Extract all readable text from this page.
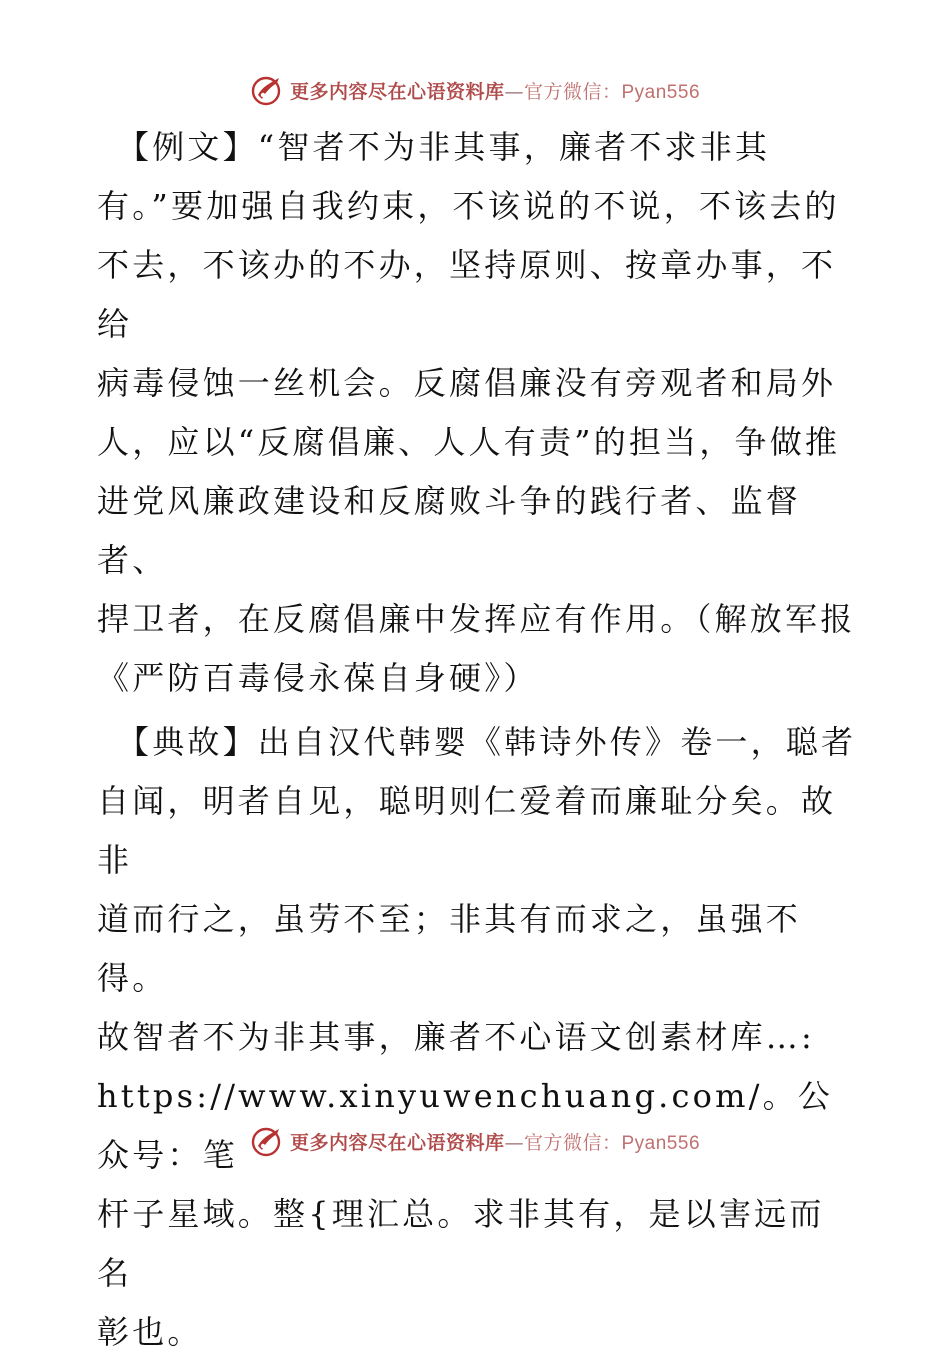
更多内容尽在心语资料库—官方微信：Pyan556

【例文】“智者不为非其事，廉者不求非其
有。”要加强自我约束，不该说的不说，不该去的
不去，不该办的不办，坚持原则、按章办事，不给
病毒侵蚀一丝机会。反腐倡廉没有旁观者和局外
人，应以“反腐倡廉、人人有责”的担当，争做推
进党风廉政建设和反腐败斗争的践行者、监督者、
捍卫者，在反腐倡廉中发挥应有作用。（解放军报
《严防百毒侵永葆自身硬》）

【典故】出自汉代韩婴《韩诗外传》卷一，聪者
自闻，明者自见，聪明则仁爱着而廉耻分矣。故非
道而行之，虽劳不至；非其有而求之，虽强不得。
故智者不为非其事，廉者不心语文创素材库…:
https://www.xinyuwenchuang.com/。公众号：笔
杆子星域。整{理汇总。求非其有，是以害远而名
彰也。

更多内容尽在心语资料库—官方微信：Pyan556
